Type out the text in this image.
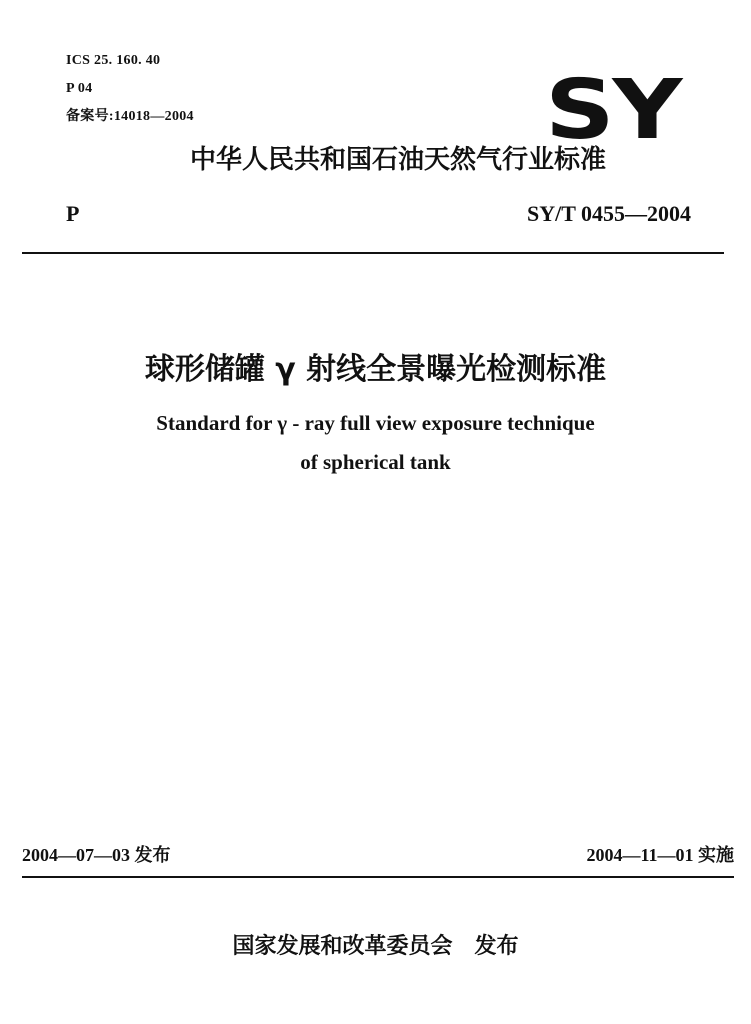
ICS 25. 160. 40
P 04
备案号:14018—2004	SY
中华人民共和国石油天然气行业标准
P	SY/T 0455—2004
球形储罐 γ 射线全景曝光检测标准
Standard for γ - ray full view exposure technique
of spherical tank
2004—07—03 发布	2004—11—01 实施
国家发展和改革委员会　发布
